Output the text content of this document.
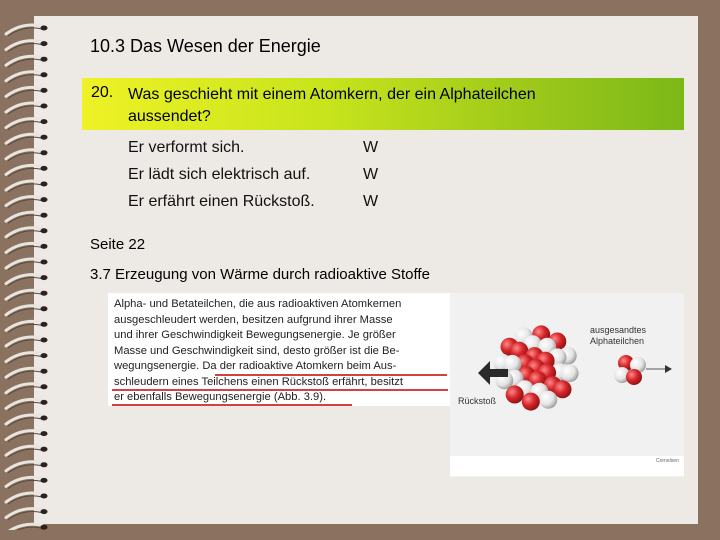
10.3 Das Wesen der Energie
20. Was geschieht mit einem Atomkern, der ein Alphateilchen
aussendet?
Er verformt sich.	W
Er lädt sich elektrisch auf.	W
Er erfährt einen Rückstoß.	W
Seite 22
3.7 Erzeugung von Wärme durch radioaktive Stoffe
Alpha- und Betateilchen, die aus radioaktiven Atomkernen
ausgeschleudert werden, besitzen aufgrund ihrer Masse
und ihrer Geschwindigkeit Bewegungsenergie. Je größer
Masse und Geschwindigkeit sind, desto größer ist die Be-
wegungsenergie. Da der radioaktive Atomkern beim Aus-
schleudern eines Teilchens einen Rückstoß erfährt, besitzt
er ebenfalls Bewegungsenergie (Abb. 3.9).
ausgesandtes
Alphateilchen
Rückstoß
Cornelsen
